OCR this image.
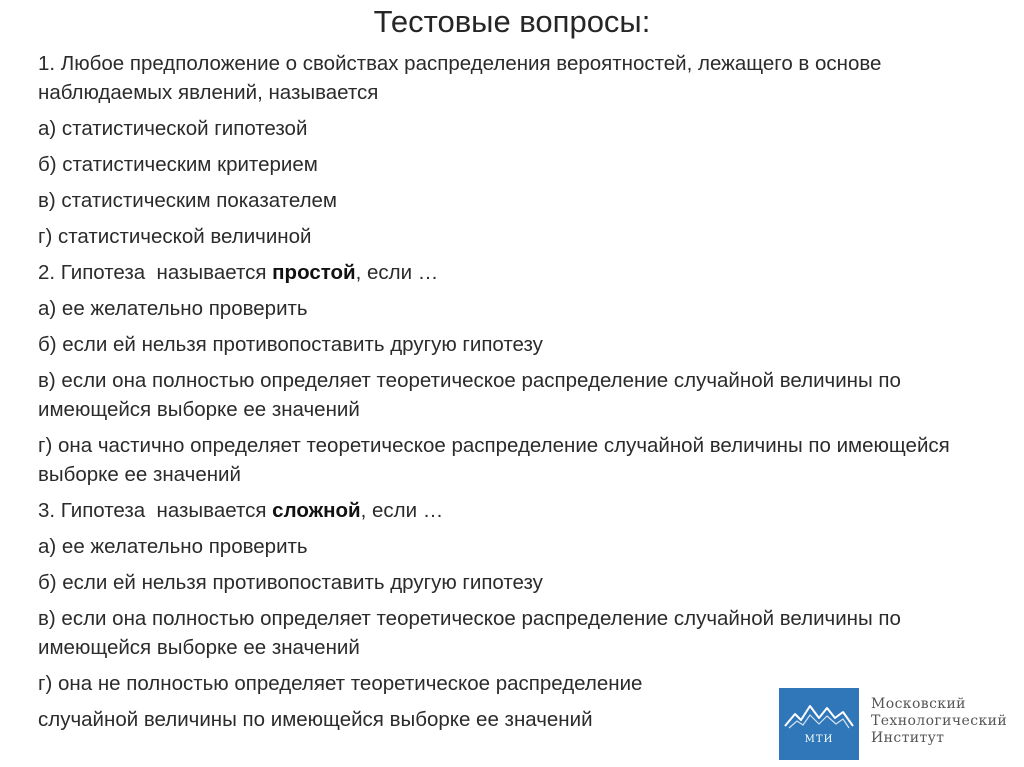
Тестовые вопросы:
1. Любое предположение о свойствах распределения вероятностей, лежащего в основе наблюдаемых явлений, называется
а) статистической гипотезой
б) статистическим критерием
в) статистическим показателем
г) статистической величиной
2. Гипотеза  называется простой, если …
а) ее желательно проверить
б) если ей нельзя противопоставить другую гипотезу
в) если она полностью определяет теоретическое распределение случайной величины по имеющейся выборке ее значений
г) она частично определяет теоретическое распределение случайной величины по имеющейся выборке ее значений
3. Гипотеза  называется сложной, если …
а) ее желательно проверить
б) если ей нельзя противопоставить другую гипотезу
в) если она полностью определяет теоретическое распределение случайной величины по имеющейся выборке ее значений
г) она не полностью определяет теоретическое распределение
случайной величины по имеющейся выборке ее значений
МТИ
Московский
Технологический
Институт
